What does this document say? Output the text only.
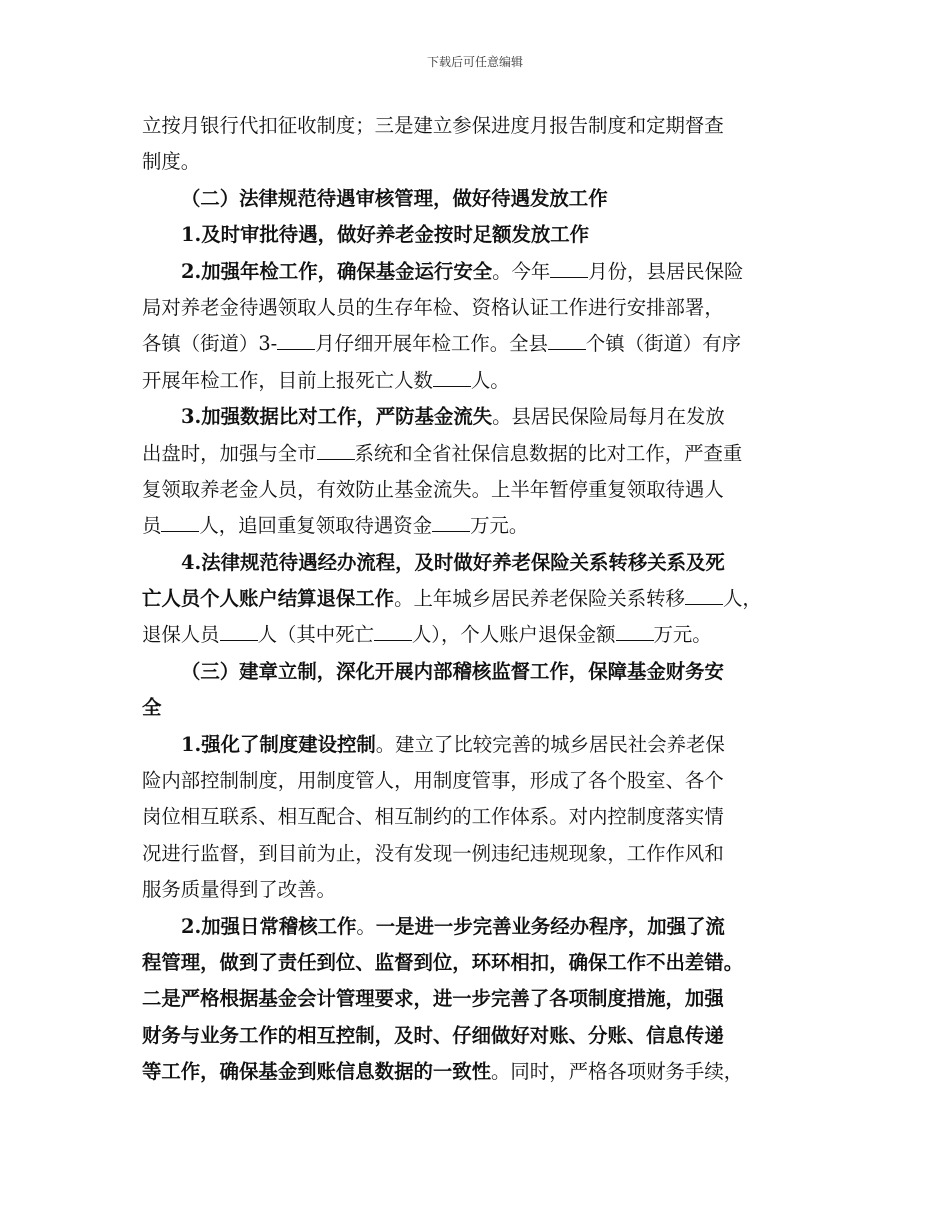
下载后可任意编辑
立按月银行代扣征收制度；三是建立参保进度月报告制度和定期督查
制度。
（二）法律规范待遇审核管理，做好待遇发放工作
1.及时审批待遇，做好养老金按时足额发放工作
2.加强年检工作，确保基金运行安全。今年 月份，县居民保险
局对养老金待遇领取人员的生存年检、资格认证工作进行安排部署，
各镇（街道）3- 月仔细开展年检工作。全县 个镇（街道）有序
开展年检工作，目前上报死亡人数 人。
3.加强数据比对工作，严防基金流失。县居民保险局每月在发放
出盘时，加强与全市 系统和全省社保信息数据的比对工作，严查重
复领取养老金人员，有效防止基金流失。上半年暂停重复领取待遇人
员 人，追回重复领取待遇资金 万元。
4.法律规范待遇经办流程，及时做好养老保险关系转移关系及死
亡人员个人账户结算退保工作。上年城乡居民养老保险关系转移 人，
退保人员 人（其中死亡 人），个人账户退保金额 万元。
（三）建章立制，深化开展内部稽核监督工作，保障基金财务安
全
1.强化了制度建设控制。建立了比较完善的城乡居民社会养老保
险内部控制制度，用制度管人，用制度管事，形成了各个股室、各个
岗位相互联系、相互配合、相互制约的工作体系。对内控制度落实情
况进行监督，到目前为止，没有发现一例违纪违规现象，工作作风和
服务质量得到了改善。
2.加强日常稽核工作。一是进一步完善业务经办程序，加强了流
程管理，做到了责任到位、监督到位，环环相扣，确保工作不出差错。
二是严格根据基金会计管理要求，进一步完善了各项制度措施，加强
财务与业务工作的相互控制，及时、仔细做好对账、分账、信息传递
等工作，确保基金到账信息数据的一致性。同时，严格各项财务手续，
